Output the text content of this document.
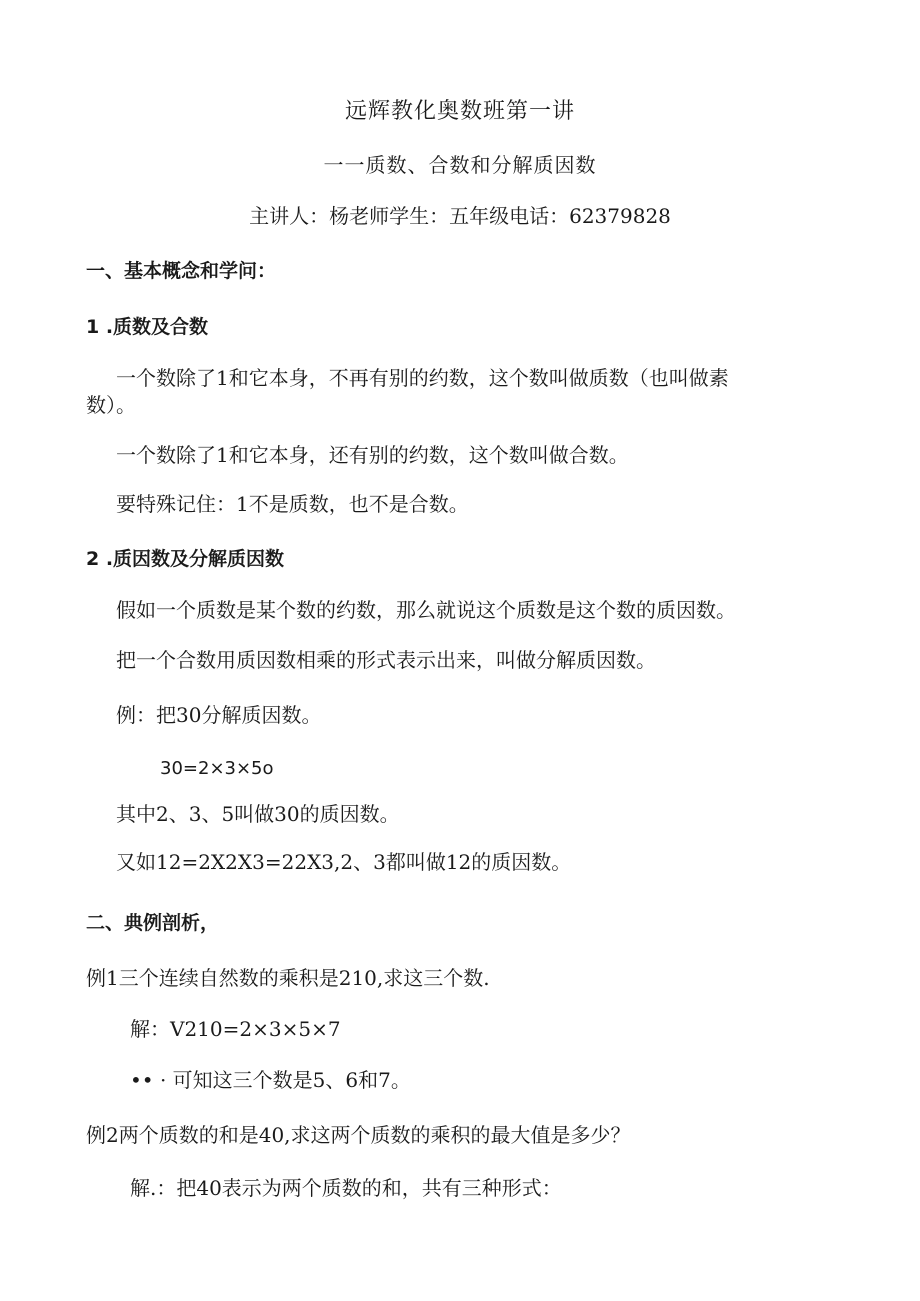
远辉教化奥数班第一讲
一一质数、合数和分解质因数
主讲人：杨老师学生：五年级电话：62379828
一、基本概念和学问：
1 .质数及合数
一个数除了1和它本身，不再有别的约数，这个数叫做质数（也叫做素
数）。
一个数除了1和它本身，还有别的约数，这个数叫做合数。
要特殊记住：1不是质数，也不是合数。
2 .质因数及分解质因数
假如一个质数是某个数的约数，那么就说这个质数是这个数的质因数。
把一个合数用质因数相乘的形式表示出来，叫做分解质因数。
例：把30分解质因数。
30=2×3×5o
其中2、3、5叫做30的质因数。
又如12=2X2X3=22X3,2、3都叫做12的质因数。
二、典例剖析，
例1三个连续自然数的乘积是210,求这三个数.
解：V210=2×3×5×7
•• · 可知这三个数是5、6和7。
例2两个质数的和是40,求这两个质数的乘积的最大值是多少？
解.：把40表示为两个质数的和，共有三种形式：
